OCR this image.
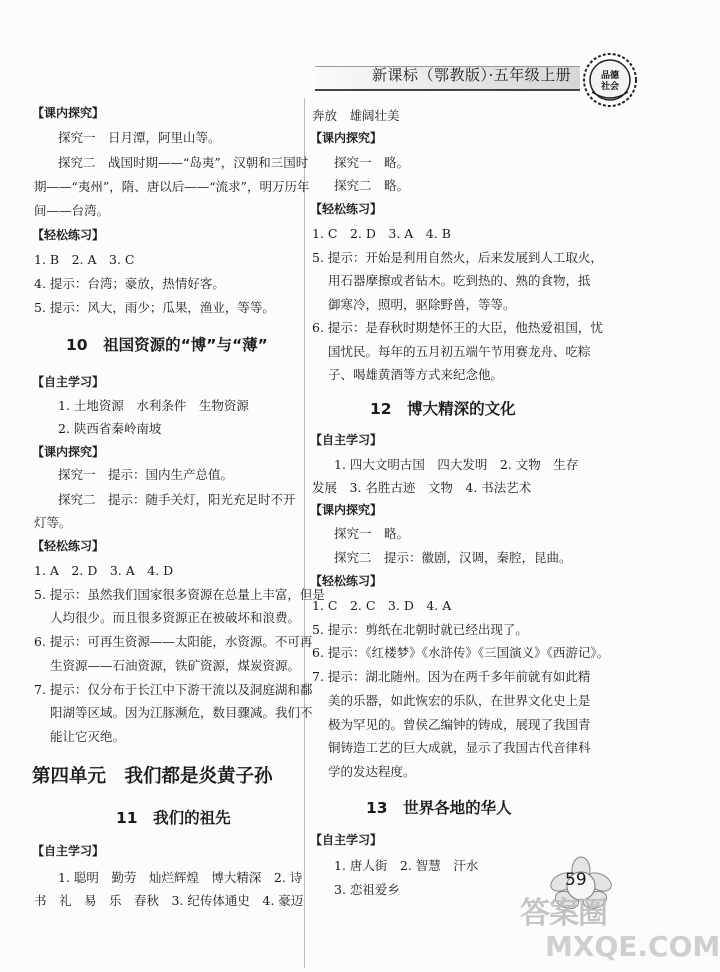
新课标（鄂教版）·五年级上册	品德
社会
【课内探究】
探究一　日月潭，阿里山等。
探究二　战国时期——“岛夷”，汉朝和三国时
期——“夷州”，隋、唐以后——“流求”，明万历年
间——台湾。
【轻松练习】
1. B　2. A　3. C
4. 提示：台湾；豪放，热情好客。
5. 提示：风大，雨少；瓜果，渔业，等等。
10　祖国资源的“博”与“薄”
【自主学习】
1. 土地资源　水利条件　生物资源
2. 陕西省秦岭南坡
【课内探究】
探究一　提示：国内生产总值。
探究二　提示：随手关灯，阳光充足时不开
灯等。
【轻松练习】
1. A　2. D　3. A　4. D
5. 提示：虽然我们国家很多资源在总量上丰富，但是
人均很少。而且很多资源正在被破坏和浪费。
6. 提示：可再生资源——太阳能，水资源。不可再
生资源——石油资源，铁矿资源，煤炭资源。
7. 提示：仅分布于长江中下游干流以及洞庭湖和鄱
阳湖等区域。因为江豚濒危，数目骤减。我们不
能让它灭绝。
第四单元　我们都是炎黄子孙
11　我们的祖先
【自主学习】
1. 聪明　勤劳　灿烂辉煌　博大精深　2. 诗
书　礼　易　乐　春秋　3. 纪传体通史　4. 豪迈
奔放　雄阔壮美
【课内探究】
探究一　略。
探究二　略。
【轻松练习】
1. C　2. D　3. A　4. B
5. 提示：开始是利用自然火，后来发展到人工取火，
用石器摩擦或者钻木。吃到热的、熟的食物，抵
御寒冷，照明，驱除野兽，等等。
6. 提示：是春秋时期楚怀王的大臣，他热爱祖国，忧
国忧民。每年的五月初五端午节用赛龙舟、吃粽
子、喝雄黄酒等方式来纪念他。
12　博大精深的文化
【自主学习】
1. 四大文明古国　四大发明　2. 文物　生存
发展　3. 名胜古迹　文物　4. 书法艺术
【课内探究】
探究一　略。
探究二　提示：徽剧，汉调，秦腔，昆曲。
【轻松练习】
1. C　2. C　3. D　4. A
5. 提示：剪纸在北朝时就已经出现了。
6. 提示：《红楼梦》《水浒传》《三国演义》《西游记》。
7. 提示：湖北随州。因为在两千多年前就有如此精
美的乐器，如此恢宏的乐队，在世界文化史上是
极为罕见的。曾侯乙编钟的铸成，展现了我国青
铜铸造工艺的巨大成就，显示了我国古代音律科
学的发达程度。
13　世界各地的华人
【自主学习】
1. 唐人街　2. 智慧　汗水
3. 恋祖爱乡	59
答案圈
MXQE.COM
